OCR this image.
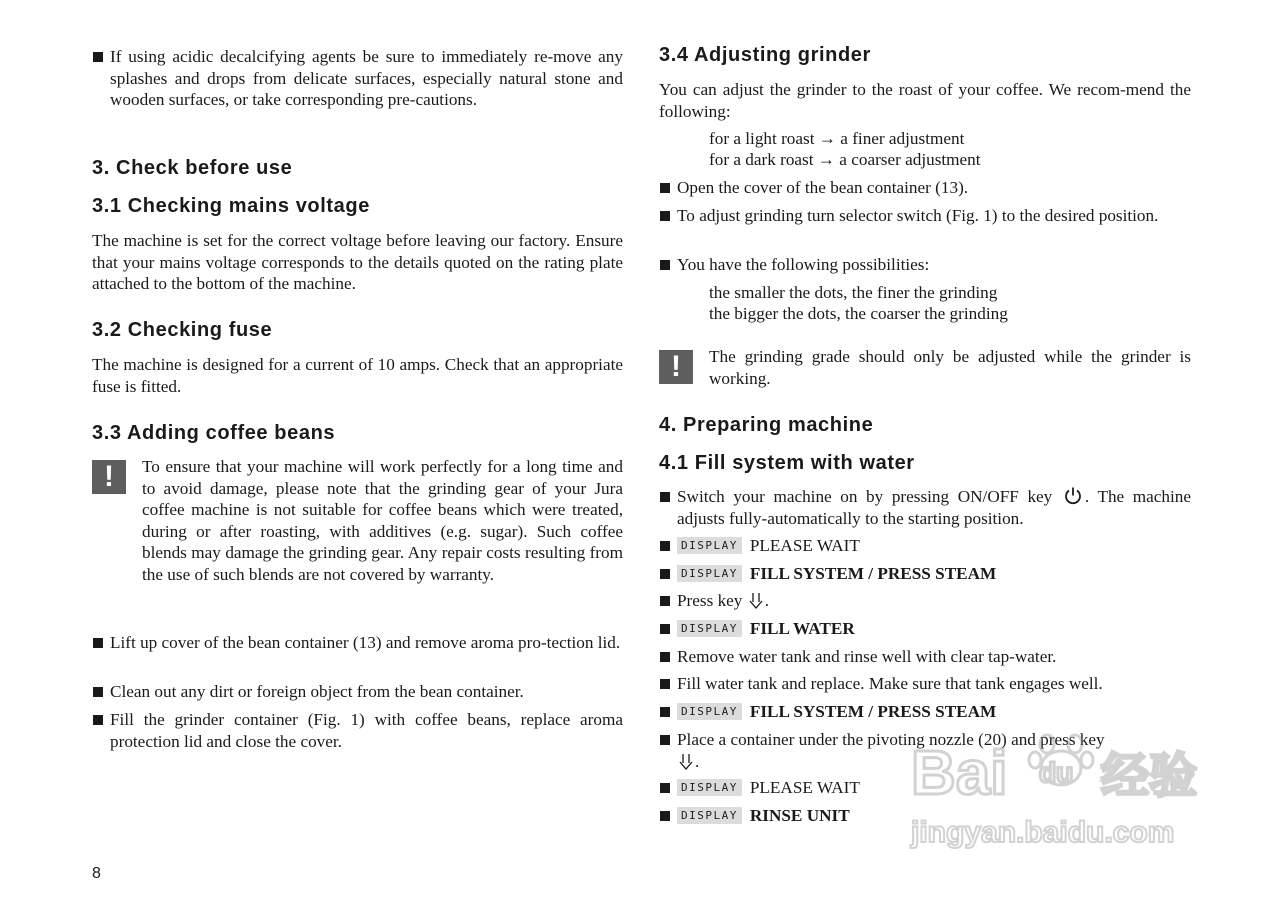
If using acidic decalcifying agents be sure to immediately re-move any splashes and drops from delicate surfaces, especially natural stone and wooden surfaces, or take corresponding pre-cautions.
3. Check before use
3.1 Checking mains voltage
The machine is set for the correct voltage before leaving our factory. Ensure that your mains voltage corresponds to the details quoted on the rating plate attached to the bottom of the machine.
3.2 Checking fuse
The machine is designed for a current of 10 amps. Check that an appropriate fuse is fitted.
3.3 Adding coffee beans
!	To ensure that your machine will work perfectly for a long time and to avoid damage, please note that the grinding gear of your Jura coffee machine is not suitable for coffee beans which were treated, during or after roasting, with additives (e.g. sugar). Such coffee blends may damage the grinding gear. Any repair costs resulting from the use of such blends are not covered by warranty.
Lift up cover of the bean container (13) and remove aroma pro-tection lid.
Clean out any dirt or foreign object from the bean container.
Fill the grinder container (Fig. 1) with coffee beans, replace aroma protection lid and close the cover.
3.4 Adjusting grinder
You can adjust the grinder to the roast of your coffee. We recom-mend the following:
for a light roast → a finer adjustment
for a dark roast → a coarser adjustment
Open the cover of the bean container (13).
To adjust grinding turn selector switch (Fig. 1) to the desired position.
You have the following possibilities:
the smaller the dots, the finer the grinding
the bigger the dots, the coarser the grinding
!	The grinding grade should only be adjusted while the grinder is working.
4. Preparing machine
4.1 Fill system with water
Switch your machine on by pressing ON/OFF key . The machine adjusts fully-automatically to the starting position.
DISPLAY PLEASE WAIT
DISPLAY FILL SYSTEM / PRESS STEAM
Press key .
DISPLAY FILL WATER
Remove water tank and rinse well with clear tap-water.
Fill water tank and replace. Make sure that tank engages well.
DISPLAY FILL SYSTEM / PRESS STEAM
Place a container under the pivoting nozzle (20) and press key
.
DISPLAY PLEASE WAIT
DISPLAY RINSE UNIT
8
Bai du 经验
jingyan.baidu.com
